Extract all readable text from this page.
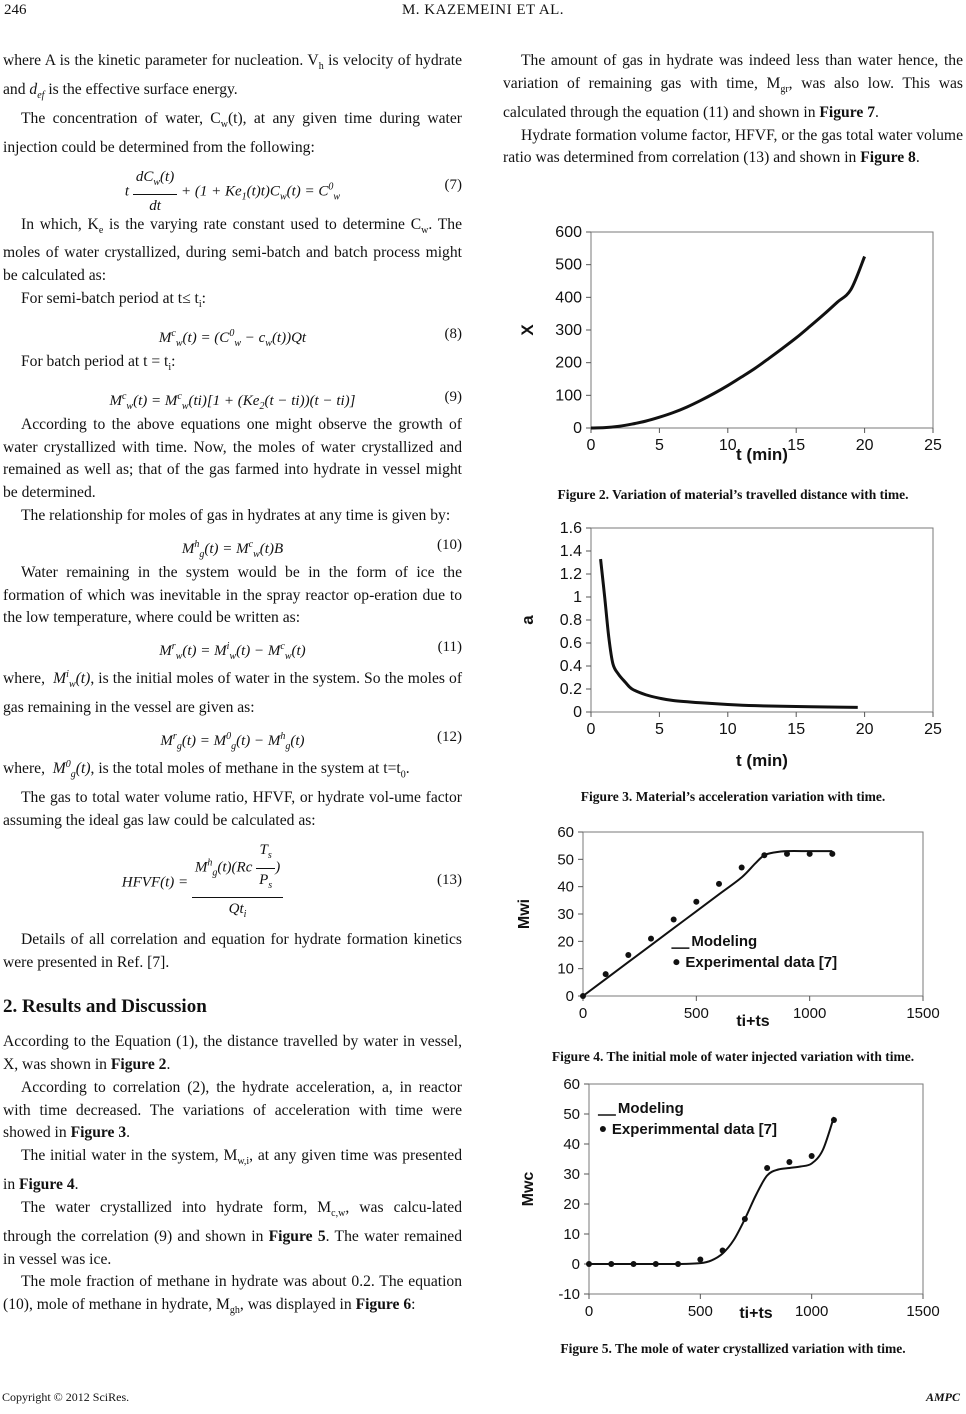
246	M. KAZEMEINI ET AL.

where A is the kinetic parameter for nucleation. $V_h$ is velocity of hydrate and $d_{ef}$ is the effective surface energy.

The concentration of water, $C_w(t)$, at any given time during water injection could be determined from the following:

t $\frac{dC_w(t)}{dt} + (1 + Ke_1(t)t)C_w(t) = C^0_w$
(7)

In which, $K_e$ is the varying rate constant used to determine $C_w$. The moles of water crystallized, during semi-batch and batch process might be calculated as:

For semi-batch period at $t\le t_i$:

$M^c_w(t) = (C^0_w - c_w(t))Qt$	(8)

For batch period at $t = t_i$:

$M^c_w(t) = M^c_w(ti)[1 + (Ke_2(t - ti))(t - ti)]$	(9)

According to the above equations one might observe the growth of water crystallized with time. Now, the moles of water crystallized and remained as well as; that of the gas farmed into hydrate in vessel might be determined.

The relationship for moles of gas in hydrates at any time is given by:

$M^h_g(t) = M^c_w(t)B$	(10)

Water remaining in the system would be in the form of ice the formation of which was inevitable in the spray reactor op-eration due to the low temperature, where could be written as:

$M^r_w(t) = M^i_w(t) - M^c_w(t)$	(11)

where, $M^i_w(t)$, is the initial moles of water in the system. So the moles of gas remaining in the vessel are given as:

$M^r_g(t) = M^0_g(t) - M^h_g(t)$	(12)

where, $M^0_g(t)$, is the total moles of methane in the system at $t=t_0$.

The gas to total water volume ratio, HFVF, or hydrate vol-ume factor assuming the ideal gas law could be calculated as:

HFVF(t) = $\frac{M^h_g(t)(Rc \frac{T_s}{P_s} )}{Qt_i}$	(13)

Details of all correlation and equation for hydrate formation kinetics were presented in Ref. [7].

2. Results and Discussion

According to the Equation (1), the distance travelled by water in vessel, X, was shown in Figure 2.

According to correlation (2), the hydrate acceleration, a, in reactor with time decreased. The variations of acceleration with time were showed in Figure 3.

The initial water in the system, $M_{w,i}$, at any given time was presented in Figure 4.

The water crystallized into hydrate form, $M_{c,w}$, was calcu-lated through the correlation (9) and shown in Figure 5. The water remained in vessel was ice.

The mole fraction of methane in hydrate was about 0.2. The equation (10), mole of methane in hydrate, $M_{gh}$, was displayed in Figure 6:

The amount of gas in hydrate was indeed less than water hence, the variation of remaining gas with time, $M_{gr}$, was also low. This was calculated through the equation (11) and shown in Figure 7.

Hydrate formation volume factor, HFVF, or the gas total water volume ratio was determined from correlation (13) and shown in Figure 8.

0
100
200
300
400
500
600
0	5	10	15	20	25
t (min)
X
Figure 2. Variation of material’s travelled distance with time.
0
0.2
0.4
0.6
0.8
1
1.2
1.4
1.6
0	5	10	15	20	25
t (min)
a
Figure 3. Material’s acceleration variation with time.
0
10
20
30
40
50
60
0	500	1000	1500
ti+ts
Mwi
Modeling
Experimental data [7]
Figure 4. The initial mole of water injected variation with time.
-10
0
10
20
30
40
50
60
0	500	1000	1500
ti+ts
Mwc
Modeling
Experimmental data [7]
Figure 5. The mole of water crystallized variation with time.
Copyright © 2012 SciRes.	AMPC
